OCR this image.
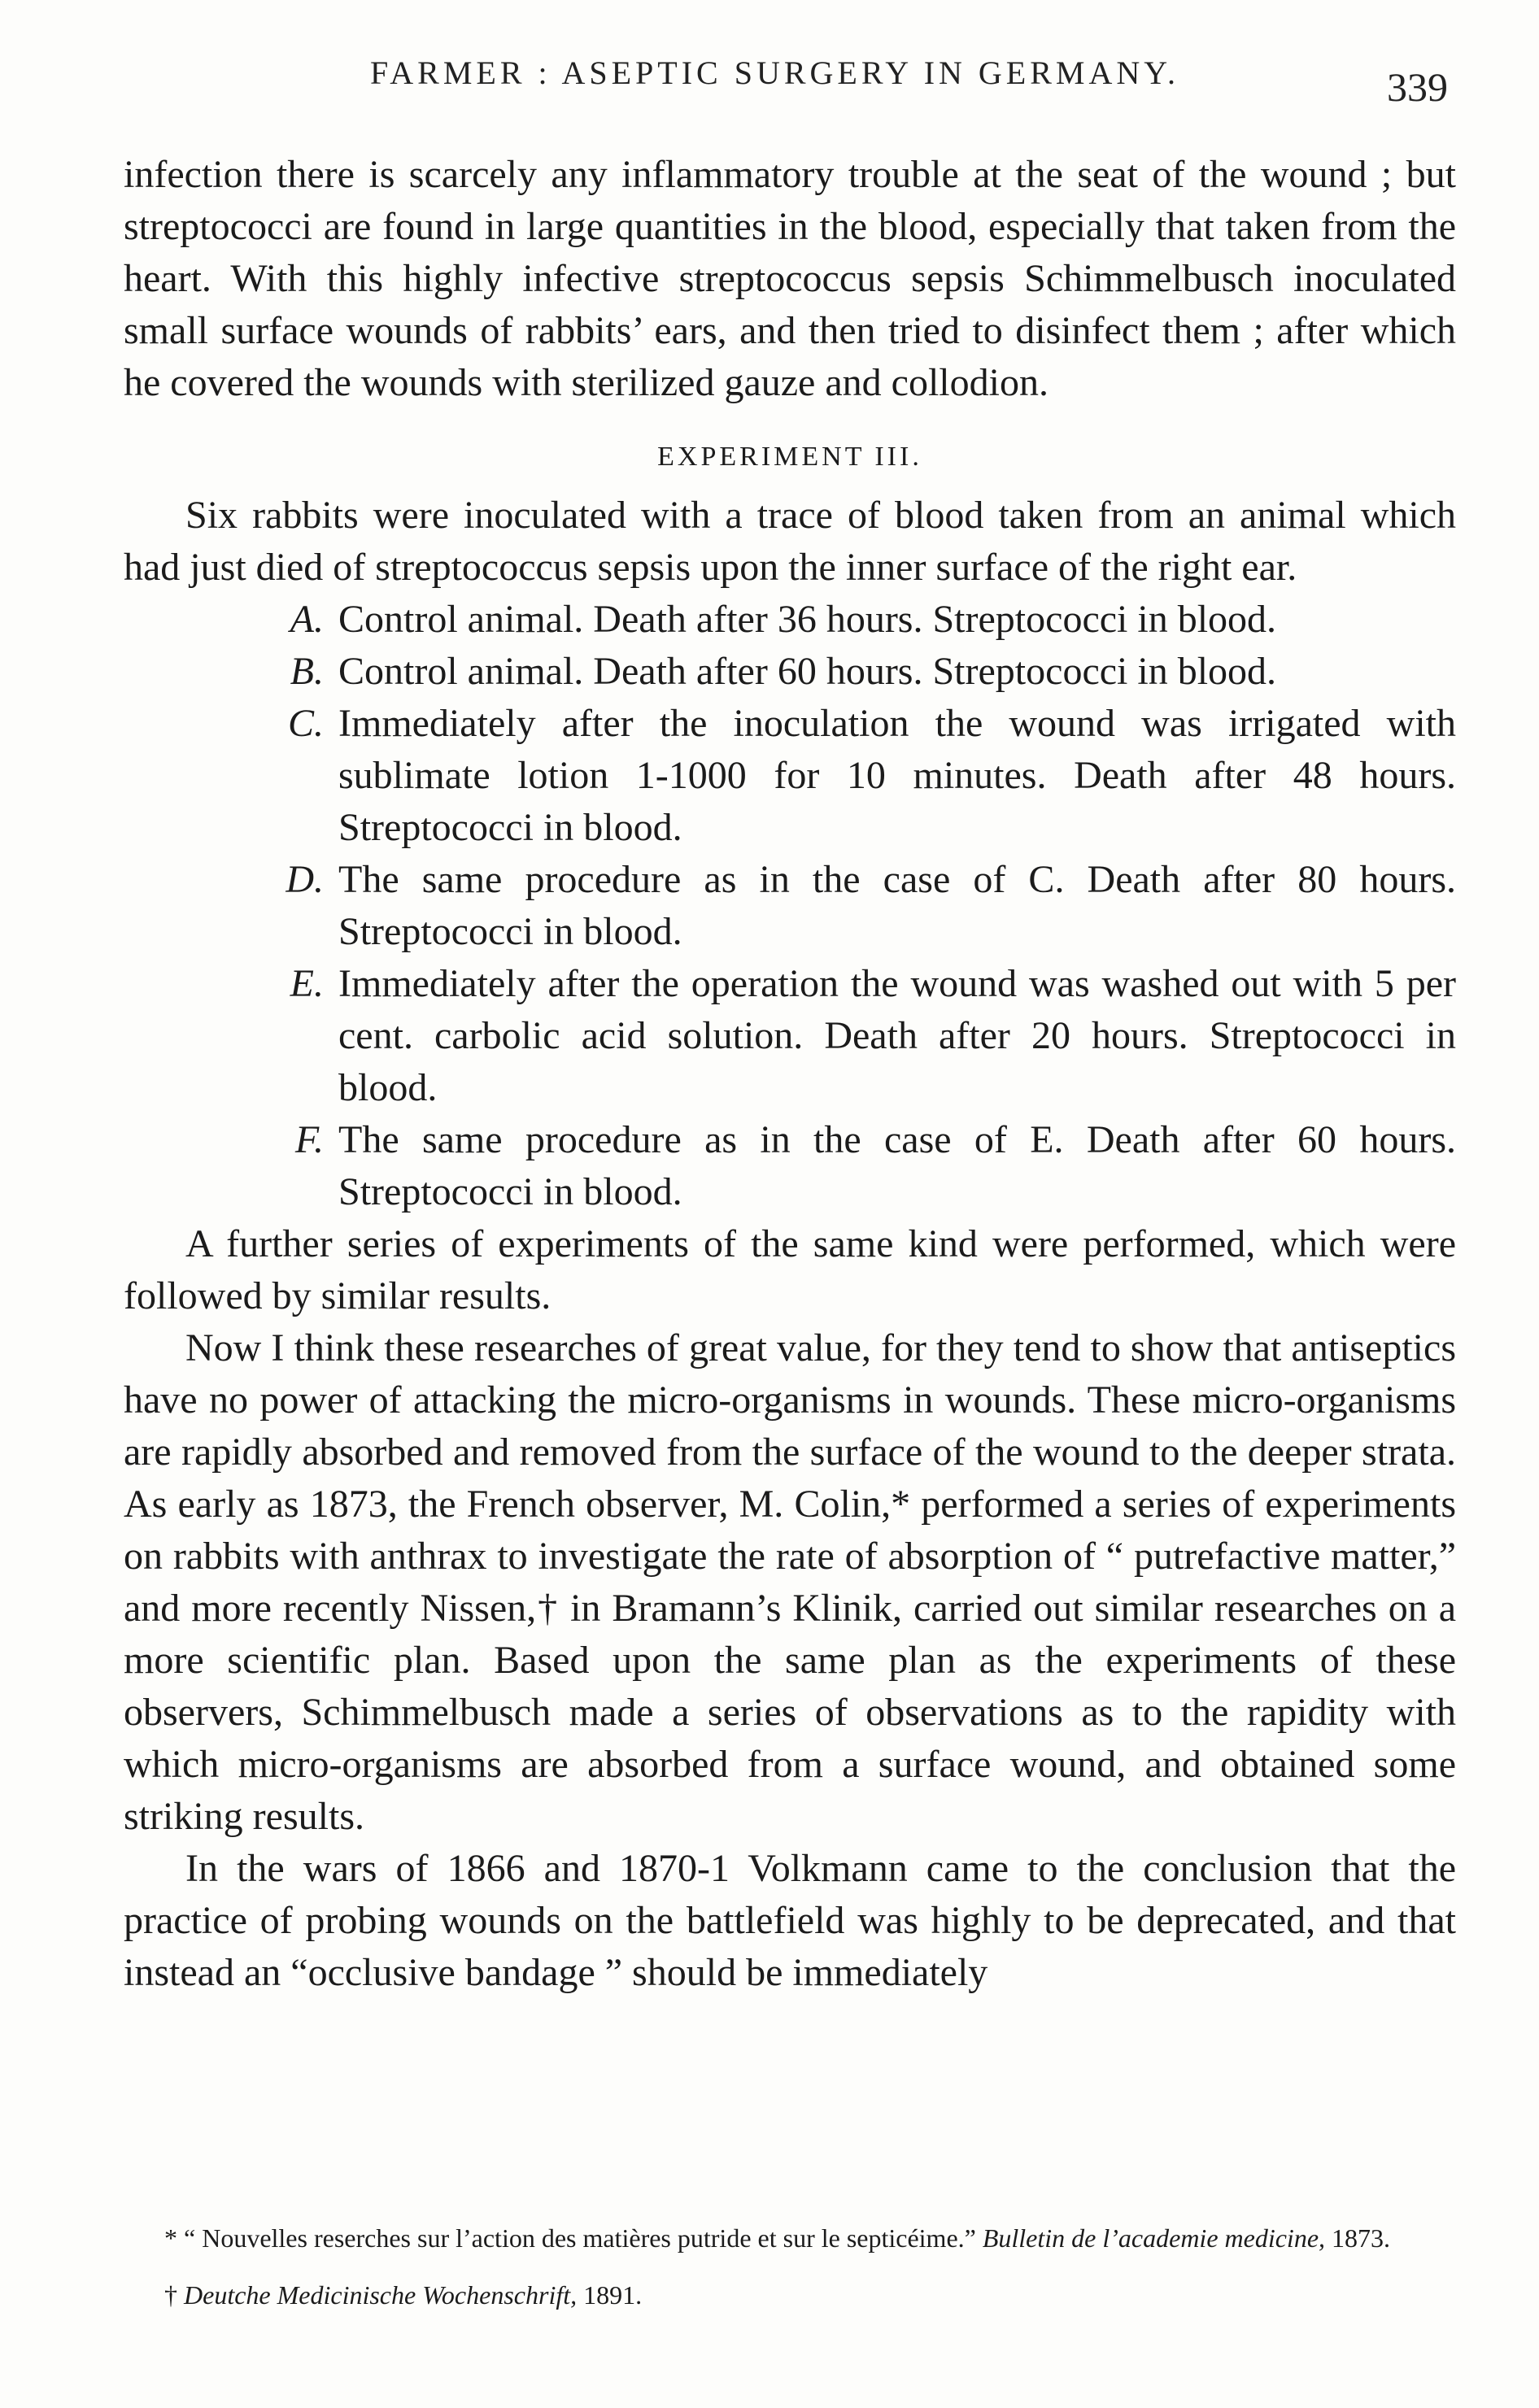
FARMER : ASEPTIC SURGERY IN GERMANY.	339

infection there is scarcely any inflammatory trouble at the seat of the wound ; but streptococci are found in large quantities in the blood, especially that taken from the heart. With this highly infective streptococcus sepsis Schimmelbusch inoculated small surface wounds of rabbits’ ears, and then tried to disinfect them ; after which he covered the wounds with sterilized gauze and collodion.

EXPERIMENT III.

Six rabbits were inoculated with a trace of blood taken from an animal which had just died of streptococcus sepsis upon the inner surface of the right ear.

A. Control animal. Death after 36 hours. Streptococci in blood.
B. Control animal. Death after 60 hours. Streptococci in blood.
C. Immediately after the inoculation the wound was irrigated with sublimate lotion 1-1000 for 10 minutes. Death after 48 hours. Streptococci in blood.
D. The same procedure as in the case of C. Death after 80 hours. Streptococci in blood.
E. Immediately after the operation the wound was washed out with 5 per cent. carbolic acid solution. Death after 20 hours. Streptococci in blood.
F. The same procedure as in the case of E. Death after 60 hours. Streptococci in blood.

A further series of experiments of the same kind were performed, which were followed by similar results.

Now I think these researches of great value, for they tend to show that antiseptics have no power of attacking the micro-organisms in wounds. These micro-organisms are rapidly absorbed and removed from the surface of the wound to the deeper strata. As early as 1873, the French observer, M. Colin,* performed a series of experiments on rabbits with anthrax to investigate the rate of absorption of “ putrefactive matter,” and more recently Nissen,† in Bramann’s Klinik, carried out similar researches on a more scientific plan. Based upon the same plan as the experiments of these observers, Schimmelbusch made a series of observations as to the rapidity with which micro-organisms are absorbed from a surface wound, and obtained some striking results.

In the wars of 1866 and 1870-1 Volkmann came to the conclusion that the practice of probing wounds on the battlefield was highly to be deprecated, and that instead an “occlusive bandage ” should be immediately

* “ Nouvelles reserches sur l’action des matières putride et sur le septicéime.” Bulletin de l’academie medicine, 1873.

† Deutche Medicinische Wochenschrift, 1891.
